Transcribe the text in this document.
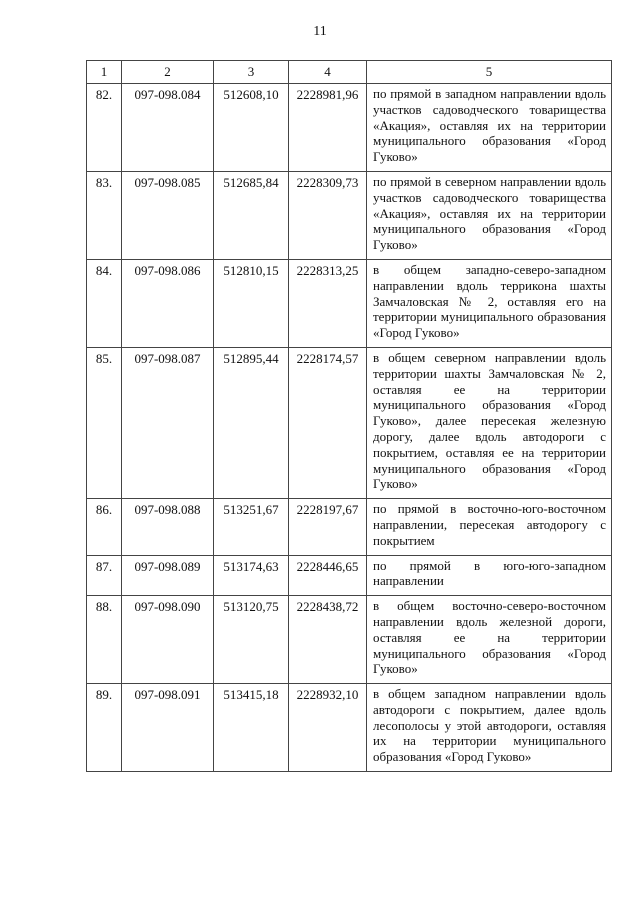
11
1	2	3	4	5
82.	097-098.084	512608,10	2228981,96	по прямой в западном направлении вдоль участков садоводческого товарищества «Акация», оставляя их на территории муниципального образования «Город Гуково»
83.	097-098.085	512685,84	2228309,73	по прямой в северном направлении вдоль участков садоводческого товарищества «Акация», оставляя их на территории муниципального образования «Город Гуково»
84.	097-098.086	512810,15	2228313,25	в общем западно-северо-западном направлении вдоль терриконa шахты Замчаловская № 2, оставляя его на территории муниципального образования «Город Гуково»
85.	097-098.087	512895,44	2228174,57	в общем северном направлении вдоль территории шахты Замчаловская № 2, оставляя ее на территории муниципального образования «Город Гуково», далее пересекая железную дорогу, далее вдоль автодороги с покрытием, оставляя ее на территории муниципального образования «Город Гуково»
86.	097-098.088	513251,67	2228197,67	по прямой в восточно-юго-восточном направлении, пересекая автодорогу с покрытием
87.	097-098.089	513174,63	2228446,65	по прямой в юго-юго-западном направлении
88.	097-098.090	513120,75	2228438,72	в общем восточно-северо-восточном направлении вдоль железной дороги, оставляя ее на территории муниципального образования «Город Гуково»
89.	097-098.091	513415,18	2228932,10	в общем западном направлении вдоль автодороги с покрытием, далее вдоль лесополосы у этой автодороги, оставляя их на территории муниципального образования «Город Гуково»
